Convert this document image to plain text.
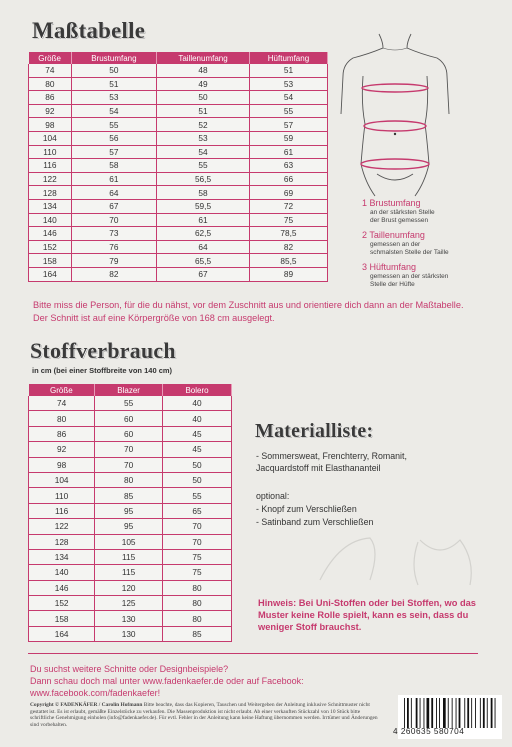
Maßtabelle
Größe	Brustumfang	Taillenumfang	Hüftumfang
74	50	48	51
80	51	49	53
86	53	50	54
92	54	51	55
98	55	52	57
104	56	53	59
110	57	54	61
116	58	55	63
122	61	56,5	66
128	64	58	69
134	67	59,5	72
140	70	61	75
146	73	62,5	78,5
152	76	64	82
158	79	65,5	85,5
164	82	67	89

1 Brustumfang
an der stärksten Stelle
der Brust gemessen

2 Taillenumfang
gemessen an der
schmalsten Stelle der Taille

3 Hüftumfang
gemessen an der stärksten
Stelle der Hüfte

Bitte miss die Person, für die du nähst, vor dem Zuschnitt aus und orientiere dich dann an der Maßtabelle.
Der Schnitt ist auf eine Körpergröße von 168 cm ausgelegt.

Stoffverbrauch

in cm (bei einer Stoffbreite von 140 cm)

Größe	Blazer	Bolero
74	55	40
80	60	40
86	60	45
92	70	45
98	70	50
104	80	50
110	85	55
116	95	65
122	95	70
128	105	70
134	115	75
140	115	75
146	120	80
152	125	80
158	130	80
164	130	85
Materialliste:

- Sommersweat, Frenchterry, Romanit, Jacquardstoff mit Elasthananteil

optional:

- Knopf zum Verschließen

- Satinband zum Verschließen

Hinweis: Bei Uni-Stoffen oder bei Stoffen, wo das Muster keine Rolle spielt, kann es sein, dass du weniger Stoff brauchst.

Du suchst weitere Schnitte oder Designbeispiele?
Dann schau doch mal unter www.fadenkaefer.de oder auf Facebook:
www.facebook.com/fadenkaefer!

Copyright © FADENKÄFER / Carolin Hofmann Bitte beachte, dass das Kopieren, Tauschen und Weitergeben der Anleitung inklusive Schnittmuster nicht gestattet ist. Es ist erlaubt, gemäßte Einzelstücke zu verkaufen. Die Massenproduktion ist nicht erlaubt. Ab einer verkauften Stückzahl von 10 Stück bitte schriftliche Genehmigung einholen (info@fadenkaefer.de). Für evtl. Fehler in der Anleitung kann keine Haftung übernommen werden. Irrtümer und Änderungen sind vorbehalten.

4 260635 580704
